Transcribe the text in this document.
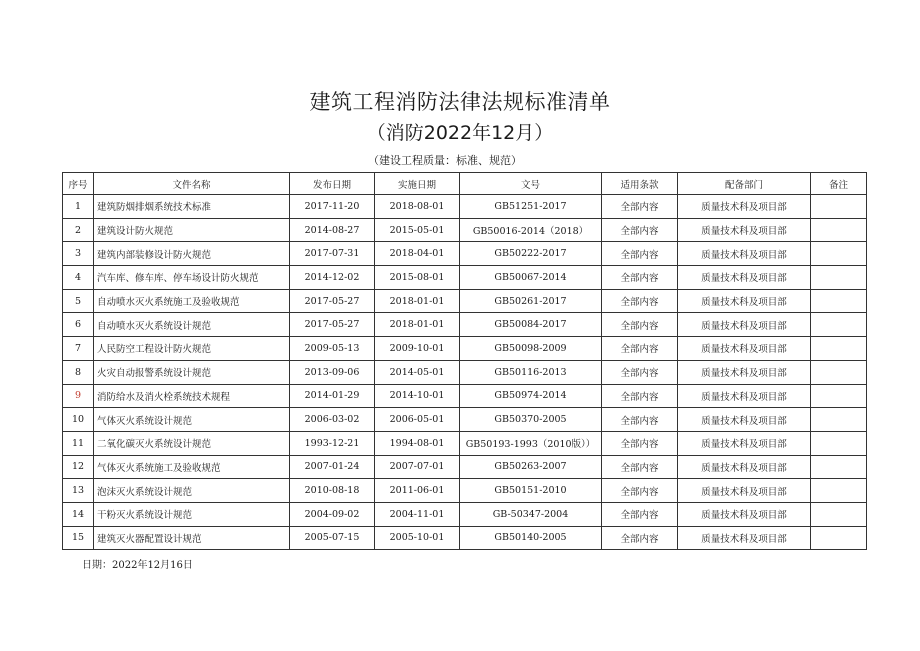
建筑工程消防法律法规标准清单
（消防2022年12月）
（建设工程质量：标准、规范）
序号	文件名称	发布日期	实施日期	文号	适用条款	配备部门	备注
1	建筑防烟排烟系统技术标准	2017-11-20	2018-08-01	GB51251-2017	全部内容	质量技术科及项目部	
2	建筑设计防火规范	2014-08-27	2015-05-01	GB50016-2014（2018）	全部内容	质量技术科及项目部	
3	建筑内部装修设计防火规范	2017-07-31	2018-04-01	GB50222-2017	全部内容	质量技术科及项目部	
4	汽车库、修车库、停车场设计防火规范	2014-12-02	2015-08-01	GB50067-2014	全部内容	质量技术科及项目部	
5	自动喷水灭火系统施工及验收规范	2017-05-27	2018-01-01	GB50261-2017	全部内容	质量技术科及项目部	
6	自动喷水灭火系统设计规范	2017-05-27	2018-01-01	GB50084-2017	全部内容	质量技术科及项目部	
7	人民防空工程设计防火规范	2009-05-13	2009-10-01	GB50098-2009	全部内容	质量技术科及项目部	
8	火灾自动报警系统设计规范	2013-09-06	2014-05-01	GB50116-2013	全部内容	质量技术科及项目部	
9	消防给水及消火栓系统技术规程	2014-01-29	2014-10-01	GB50974-2014	全部内容	质量技术科及项目部	
10	气体灭火系统设计规范	2006-03-02	2006-05-01	GB50370-2005	全部内容	质量技术科及项目部	
11	二氧化碳灭火系统设计规范	1993-12-21	1994-08-01	GB50193-1993（2010版））	全部内容	质量技术科及项目部	
12	气体灭火系统施工及验收规范	2007-01-24	2007-07-01	GB50263-2007	全部内容	质量技术科及项目部	
13	泡沫灭火系统设计规范	2010-08-18	2011-06-01	GB50151-2010	全部内容	质量技术科及项目部	
14	干粉灭火系统设计规范	2004-09-02	2004-11-01	GB-50347-2004	全部内容	质量技术科及项目部	
15	建筑灭火器配置设计规范	2005-07-15	2005-10-01	GB50140-2005	全部内容	质量技术科及项目部	
日期：2022年12月16日
